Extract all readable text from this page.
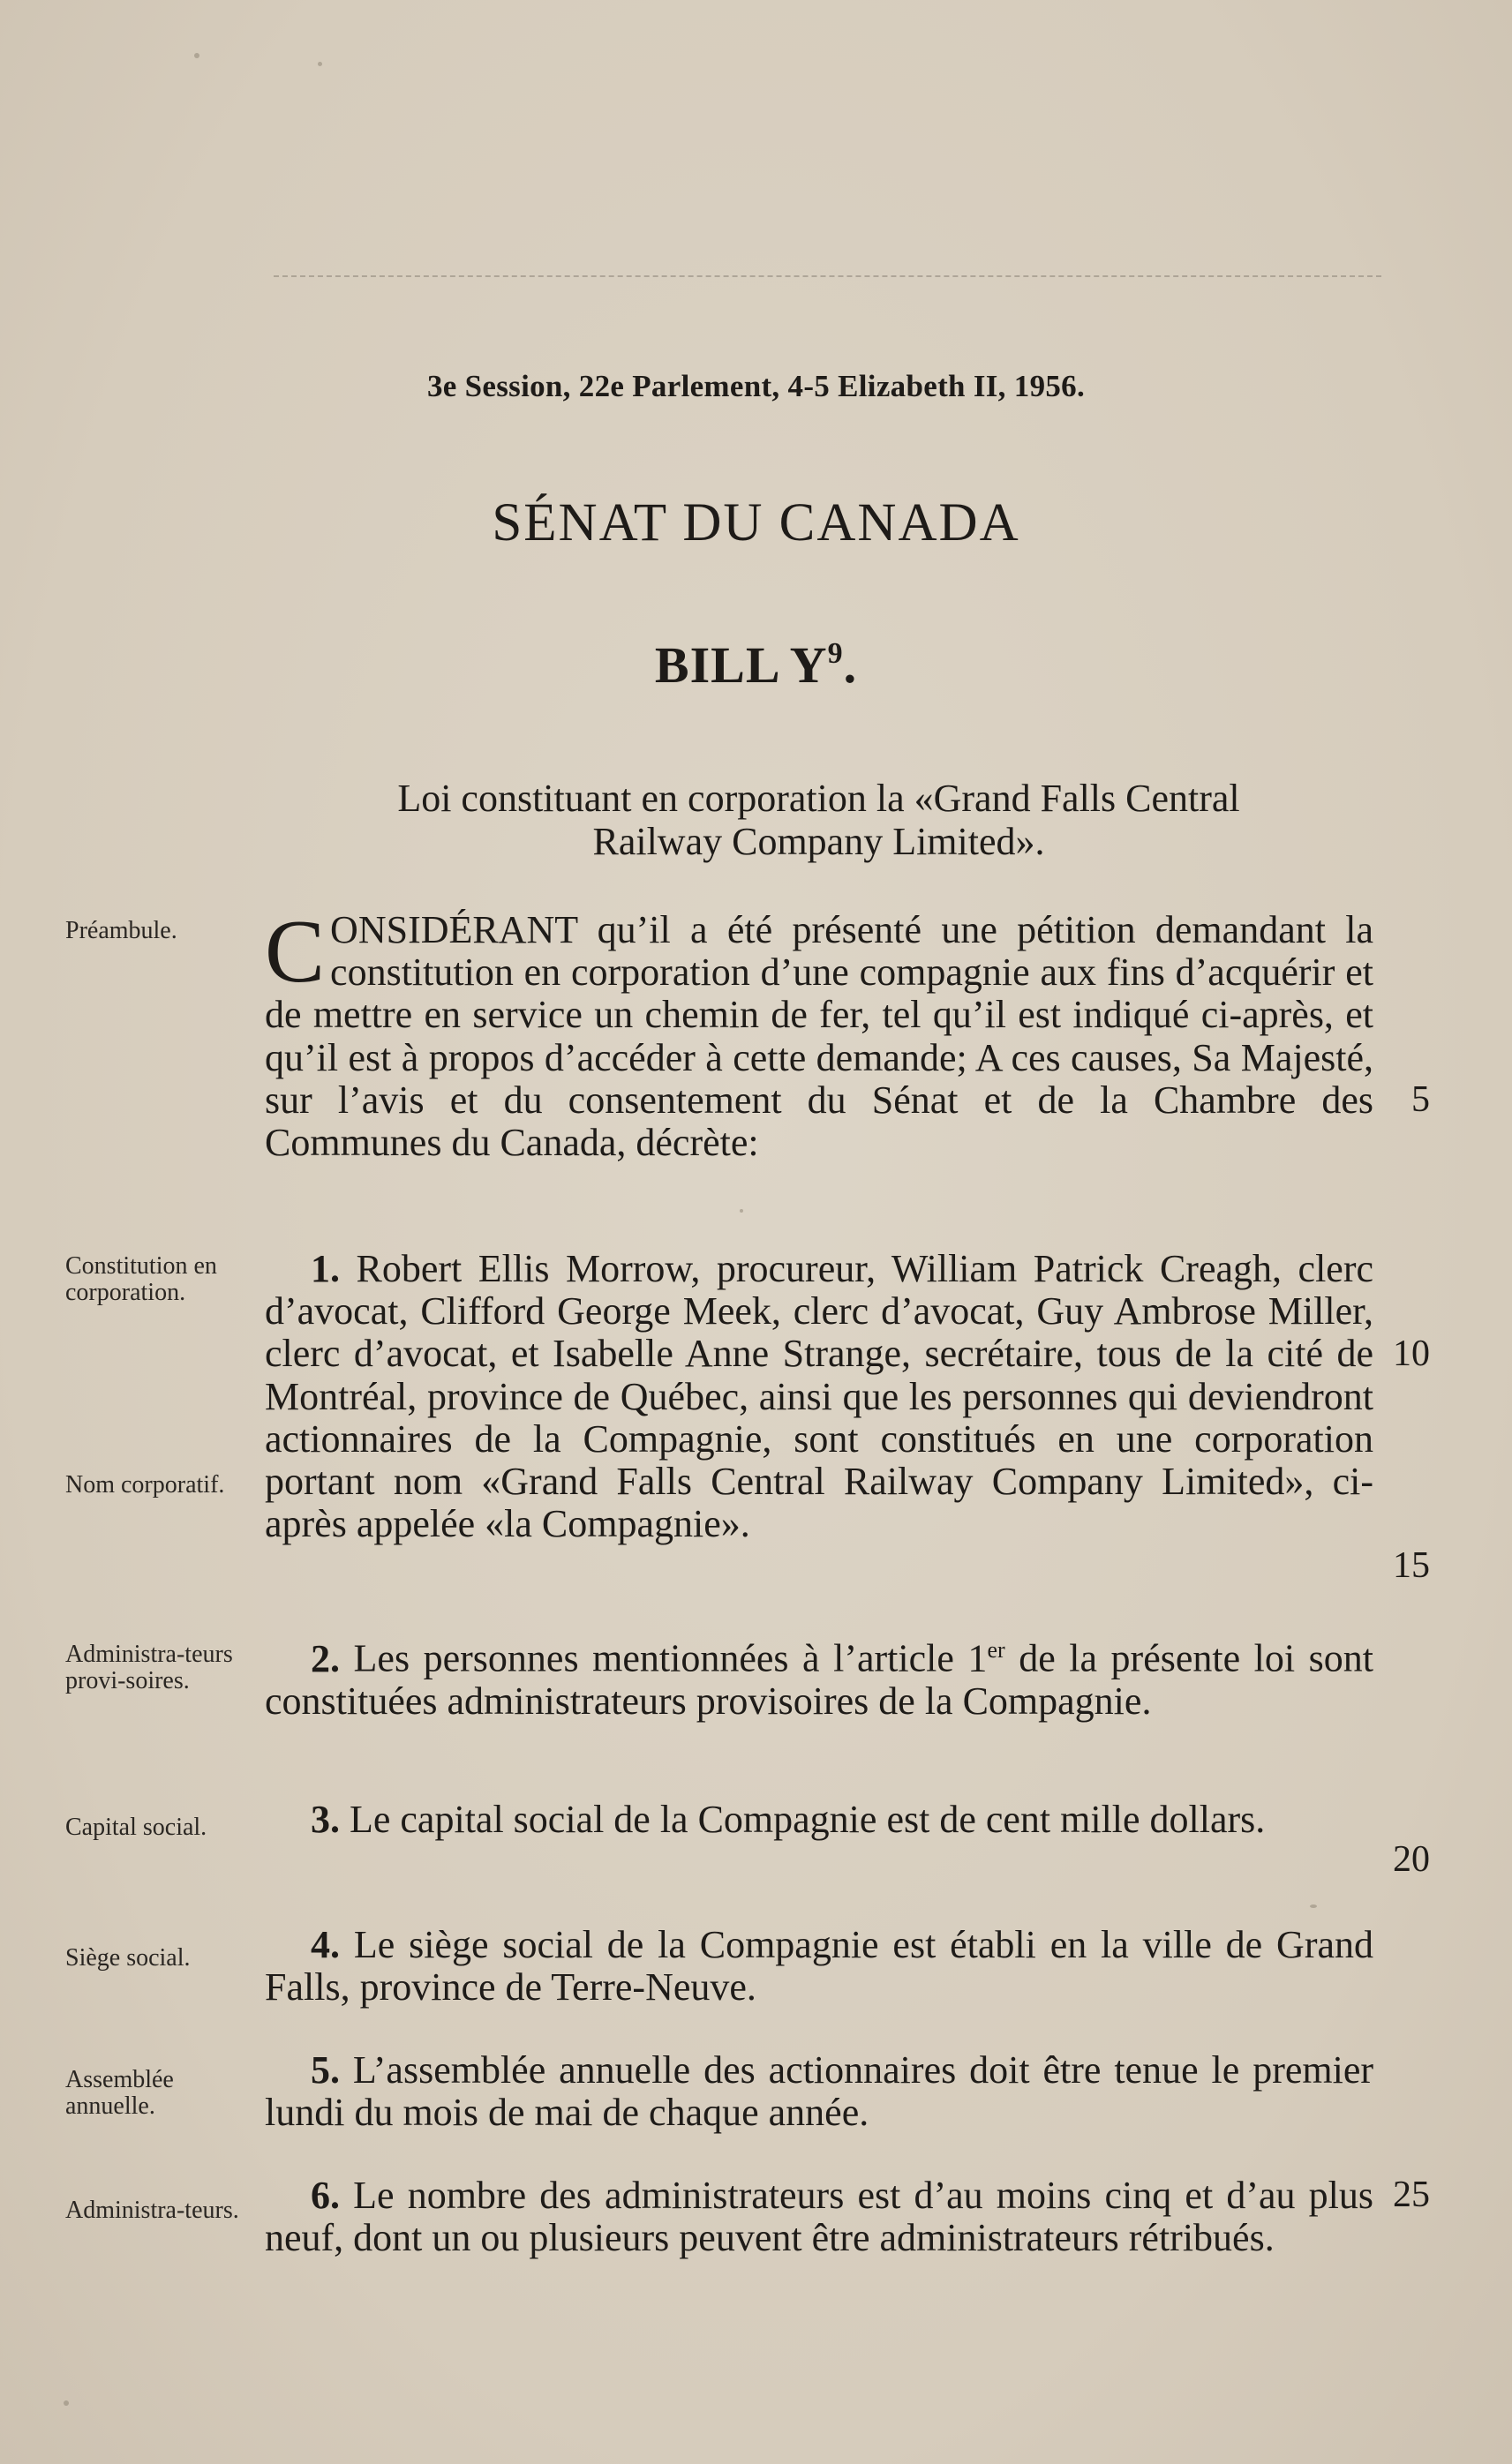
3e Session, 22e Parlement, 4-5 Elizabeth II, 1956.
SÉNAT DU CANADA
BILL $Y^9$.
Loi constituant en corporation la «Grand Falls Central
Railway Company Limited».
Préambule.
Constitution en corporation.
Nom corporatif.
Administra-teurs provi-soires.
Capital social.
Siège social.
Assemblée annuelle.
Administra-teurs.
CONSIDÉRANT qu’il a été présenté une pétition demandant la constitution en corporation d’une compagnie aux fins d’acquérir et de mettre en service un chemin de fer, tel qu’il est indiqué ci-après, et qu’il est à propos d’accéder à cette demande; A ces causes, Sa Majesté, sur l’avis et du consentement du Sénat et de la Chambre des Communes du Canada, décrète:
1. Robert Ellis Morrow, procureur, William Patrick Creagh, clerc d’avocat, Clifford George Meek, clerc d’avocat, Guy Ambrose Miller, clerc d’avocat, et Isabelle Anne Strange, secrétaire, tous de la cité de Montréal, province de Québec, ainsi que les personnes qui deviendront actionnaires de la Compagnie, sont constitués en une corporation portant nom «Grand Falls Central Railway Company Limited», ci-après appelée «la Compagnie».
2. Les personnes mentionnées à l’article 1er de la présente loi sont constituées administrateurs provisoires de la Compagnie.
3. Le capital social de la Compagnie est de cent mille dollars.
4. Le siège social de la Compagnie est établi en la ville de Grand Falls, province de Terre-Neuve.
5. L’assemblée annuelle des actionnaires doit être tenue le premier lundi du mois de mai de chaque année.
6. Le nombre des administrateurs est d’au moins cinq et d’au plus neuf, dont un ou plusieurs peuvent être administrateurs rétribués.
5
10
15
20
25
